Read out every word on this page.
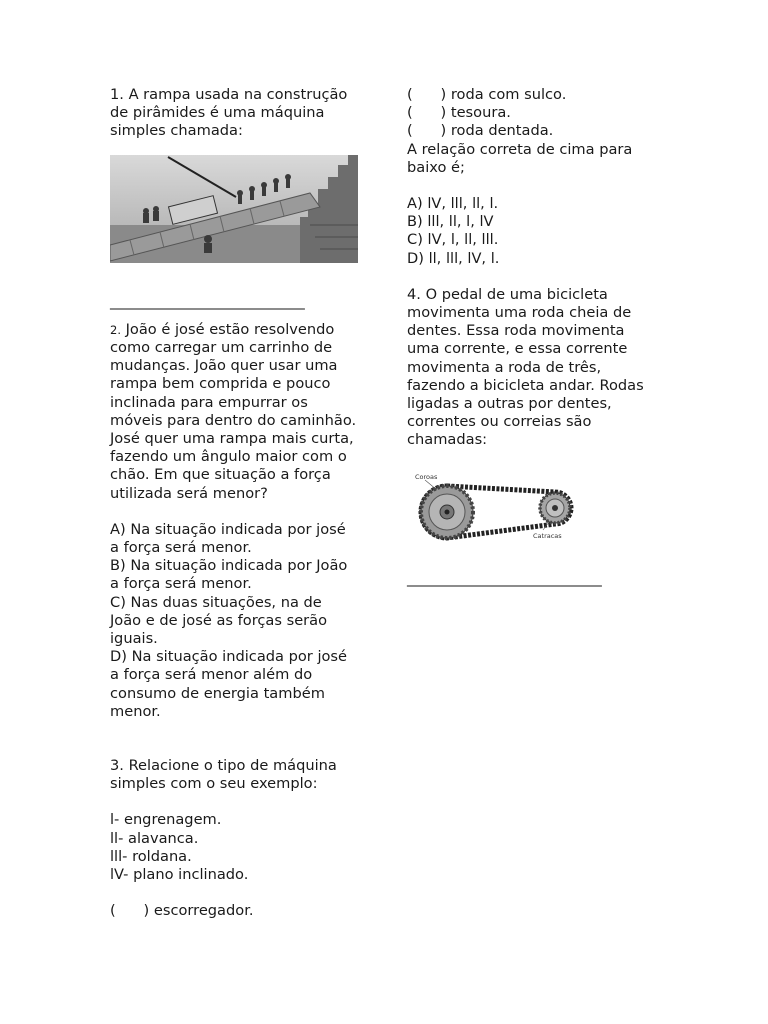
1. A rampa usada na construção
de pirâmides é uma máquina
simples chamada:
_____________________________
2. João é josé estão resolvendo
como carregar um carrinho de
mudanças. João quer usar uma
rampa bem comprida e pouco
inclinada para empurrar os
móveis para dentro do caminhão.
José quer uma rampa mais curta,
fazendo um ângulo maior com o
chão. Em que situação a força
utilizada será menor?
A) Na situação indicada por josé
a força será menor.
B) Na situação indicada por João
a força será menor.
C) Nas duas situações, na de
João e de josé as forças serão
iguais.
D) Na situação indicada por josé
a força será menor além do
consumo de energia também
menor.
3. Relacione o tipo de máquina
simples com o seu exemplo:
l- engrenagem.
ll- alavanca.
lll- roldana.
lV- plano inclinado.
(      ) escorregador.
(      ) roda com sulco.
(      ) tesoura.
(      ) roda dentada.
A relação correta de cima para
baixo é;
A) lV, lll, ll, l.
B) lll, ll, l, lV
C) lV, l, ll, lll.
D) ll, lll, lV, l.
4. O pedal de uma bicicleta
movimenta uma roda cheia de
dentes. Essa roda movimenta
uma corrente, e essa corrente
movimenta a roda de três,
fazendo a bicicleta andar. Rodas
ligadas a outras por dentes,
correntes ou correias são
chamadas:
Coroas
Catracas
_____________________________
